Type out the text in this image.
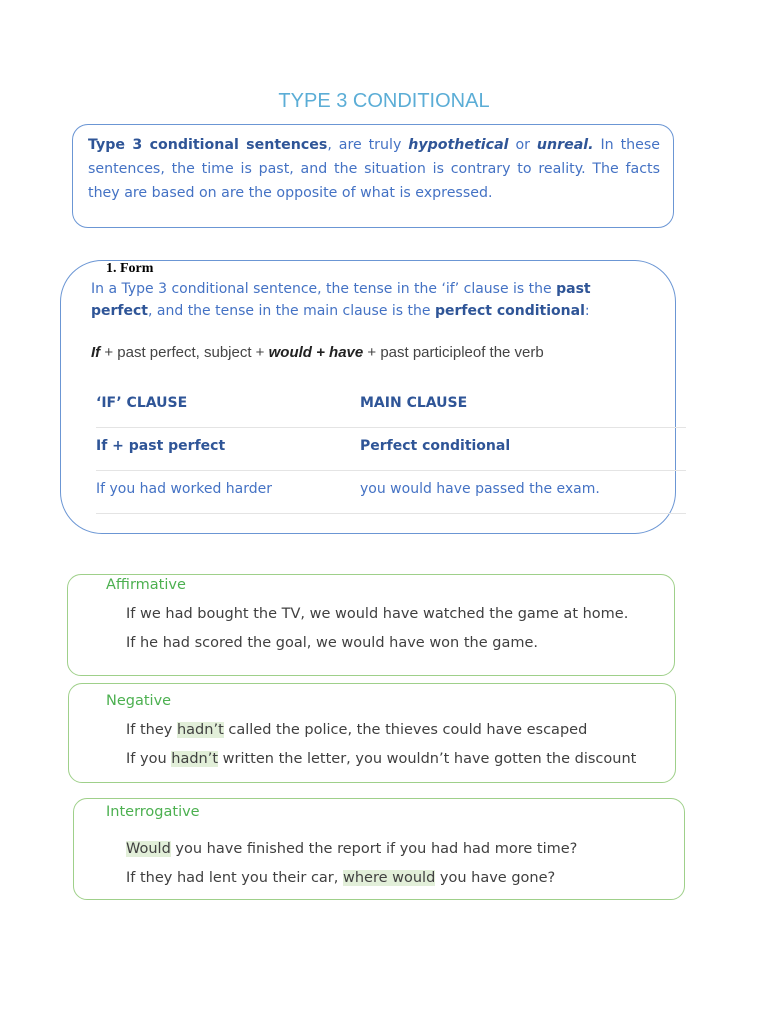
TYPE 3 CONDITIONAL

Type 3 conditional sentences, are truly hypothetical or unreal. In these sentences, the time is past, and the situation is contrary to reality. The facts they are based on are the opposite of what is expressed.

1. Form

In a Type 3 conditional sentence, the tense in the ‘if’ clause is the past perfect, and the tense in the main clause is the perfect conditional:

If + past perfect, subject + would + have + past participleof the verb
‘IF’ CLAUSE	MAIN CLAUSE
If + past perfect	Perfect conditional
If you had worked harder	you would have passed the exam.
Affirmative
If we had bought the TV, we would have watched the game at home.
If he had scored the goal, we would have won the game.
Negative
If they hadn’t called the police, the thieves could have escaped
If you hadn’t written the letter, you wouldn’t have gotten the discount
Interrogative
Would you have finished the report if you had had more time?
If they had lent you their car, where would you have gone?
